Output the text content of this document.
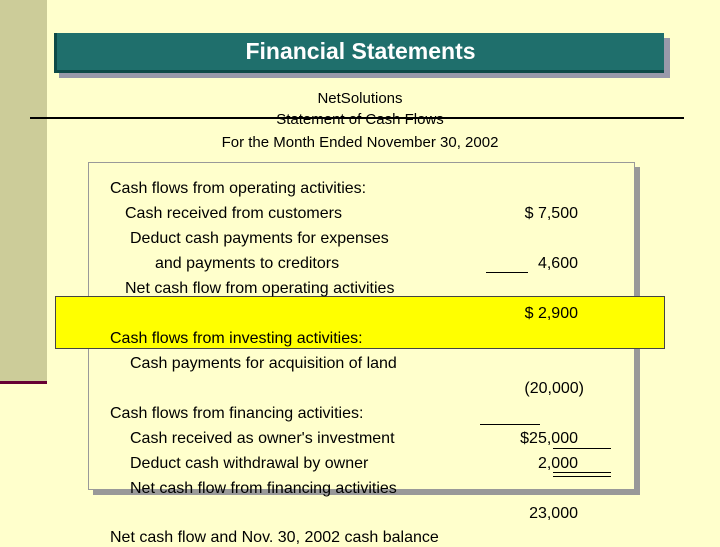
Financial Statements
NetSolutions
Statement of Cash Flows
For the Month Ended November 30, 2002
Cash flows from operating activities:
Cash received from customers	$ 7,500
Deduct cash payments for expenses
and payments to creditors	4,600
Net cash flow from operating activities
$ 2,900
Cash flows from investing activities:
Cash payments for acquisition of land
(20,000)
Cash flows from financing activities:
Cash received as owner's investment	$25,000
Deduct cash withdrawal by owner	2,000
Net cash flow from financing activities
23,000
Net cash flow and Nov. 30, 2002 cash balance
